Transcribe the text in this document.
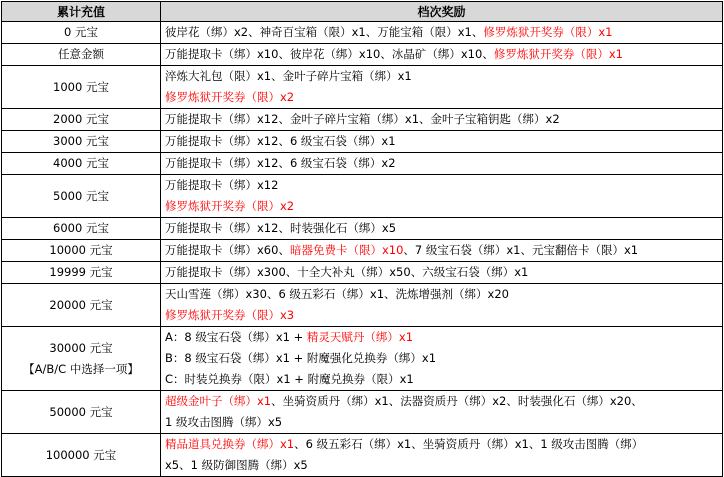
累计充值	档次奖励

0 元宝	彼岸花（绑）x2、神奇百宝箱（限）x1、万能宝箱（限）x1、修罗炼狱开奖券（限）x1

任意金额	万能提取卡（绑）x10、彼岸花（绑）x10、冰晶矿（绑）x10、修罗炼狱开奖券（限）x1

1000 元宝	淬炼大礼包（限）x1、金叶子碎片宝箱（绑）x1
修罗炼狱开奖券（限）x2

2000 元宝	万能提取卡（绑）x12、金叶子碎片宝箱（绑）x1、金叶子宝箱钥匙（绑）x2

3000 元宝	万能提取卡（绑）x12、6 级宝石袋（绑）x1

4000 元宝	万能提取卡（绑）x12、6 级宝石袋（绑）x2

5000 元宝	万能提取卡（绑）x12
修罗炼狱开奖券（限）x2

6000 元宝	万能提取卡（绑）x12、时装强化石（绑）x5

10000 元宝	万能提取卡（绑）x60、暗器免费卡（限）x10、7 级宝石袋（绑）x1、元宝翻倍卡（限）x1

19999 元宝	万能提取卡（绑）x300、十全大补丸（绑）x50、六级宝石袋（绑）x1

20000 元宝	天山雪莲（绑）x30、6 级五彩石（绑）x1、洗炼增强剂（绑）x20
修罗炼狱开奖券（限）x3

30000 元宝
【A/B/C 中选择一项】	A：8 级宝石袋（绑）x1 + 精灵天赋丹（绑）x1
B：8 级宝石袋（绑）x1 + 附魔强化兑换券（绑）x1
C：时装兑换券（限）x1 + 附魔兑换券（限）x1

50000 元宝	超级金叶子（绑）x1、坐骑资质丹（绑）x1、法器资质丹（绑）x2、时装强化石（绑）x20、
1 级攻击图腾（绑）x5

100000 元宝	精品道具兑换券（绑）x1、6 级五彩石（绑）x1、坐骑资质丹（绑）x1、1 级攻击图腾（绑）
x5、1 级防御图腾（绑）x5
